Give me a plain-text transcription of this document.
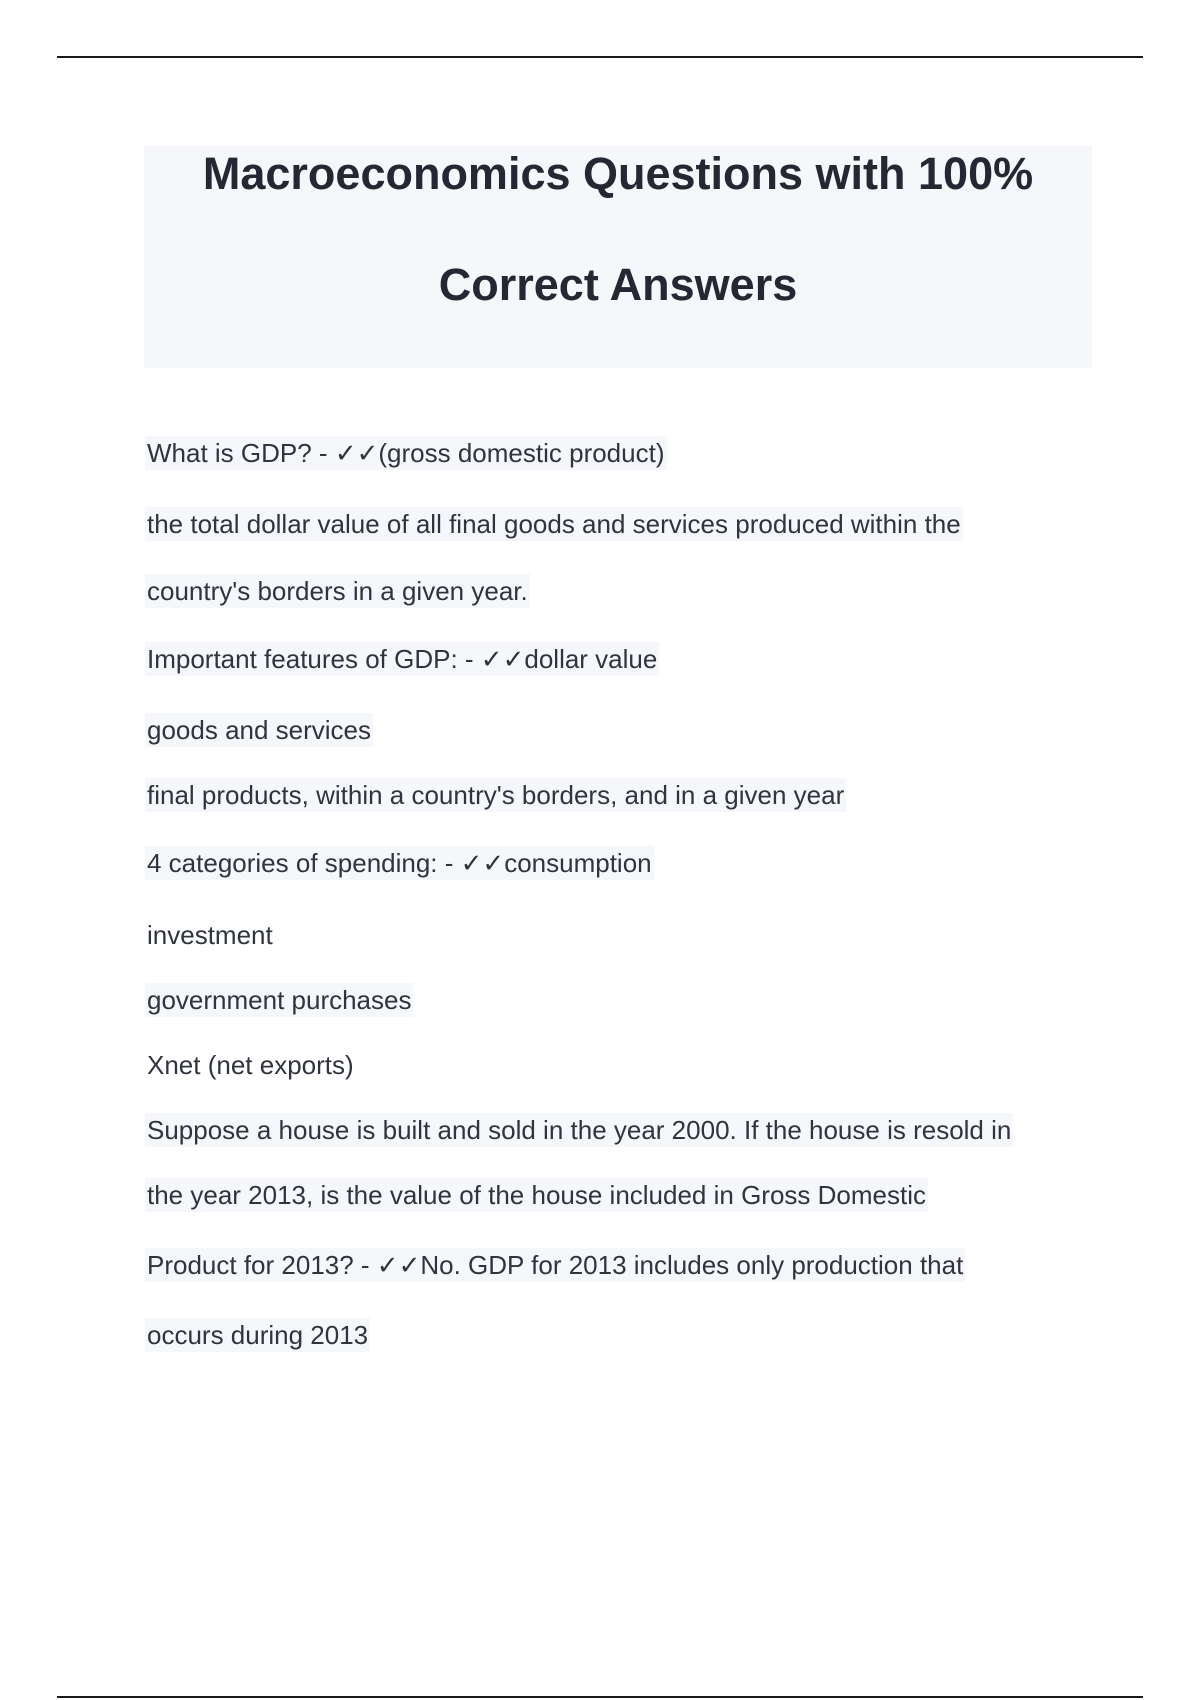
Macroeconomics Questions with 100%
Correct Answers
What is GDP? - ✓✓(gross domestic product)
the total dollar value of all final goods and services produced within the
country's borders in a given year.
Important features of GDP: - ✓✓dollar value
goods and services
final products, within a country's borders, and in a given year
4 categories of spending: - ✓✓consumption
investment
government purchases
Xnet (net exports)
Suppose a house is built and sold in the year 2000. If the house is resold in
the year 2013, is the value of the house included in Gross Domestic
Product for 2013? - ✓✓No. GDP for 2013 includes only production that
occurs during 2013
